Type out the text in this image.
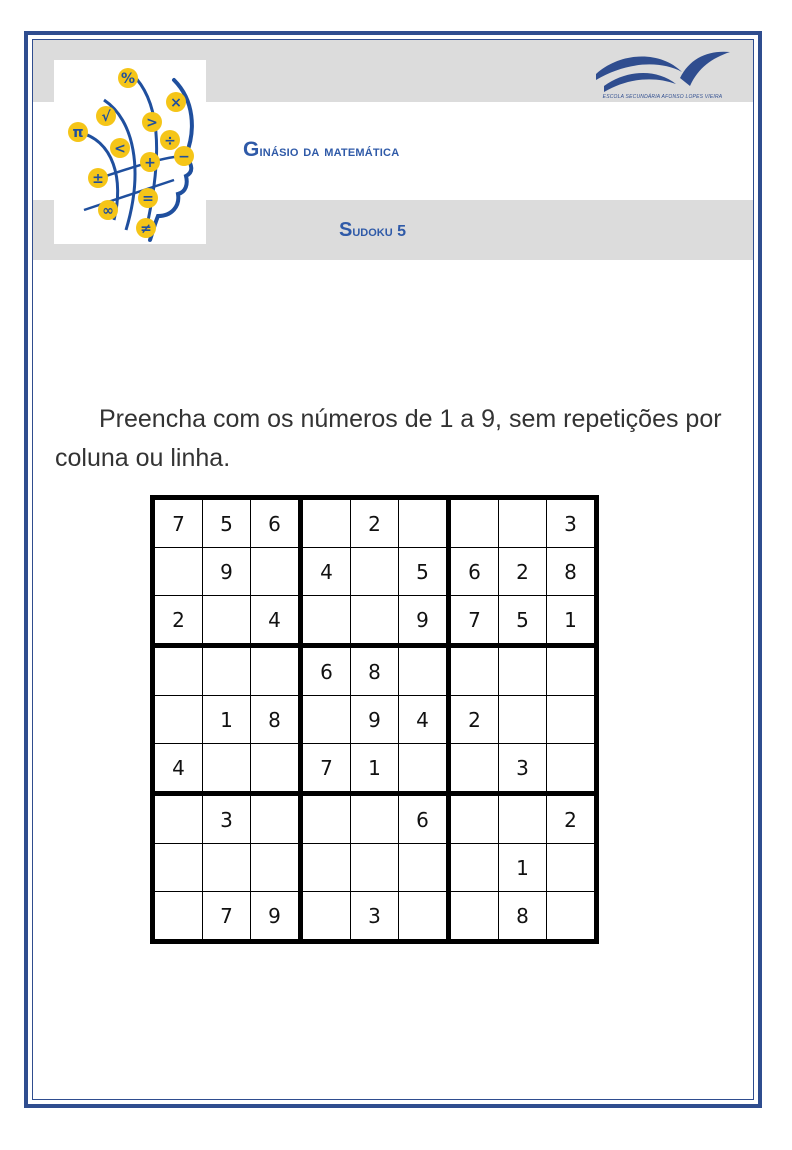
%
×
√	>
÷
π
<
+ −
±
=
∞
≠
ESCOLA SECUNDÁRIA AFONSO LOPES VIEIRA
Ginásio da matemática
Sudoku 5
Preencha com os números de 1 a 9, sem repetições por coluna ou linha.
7	5	6		2				3
	9		4		5	6	2	8
2		4			9	7	5	1
			6	8				
	1	8		9	4	2		
4			7	1			3	
	3				6			2
							1	
	7	9		3			8	
